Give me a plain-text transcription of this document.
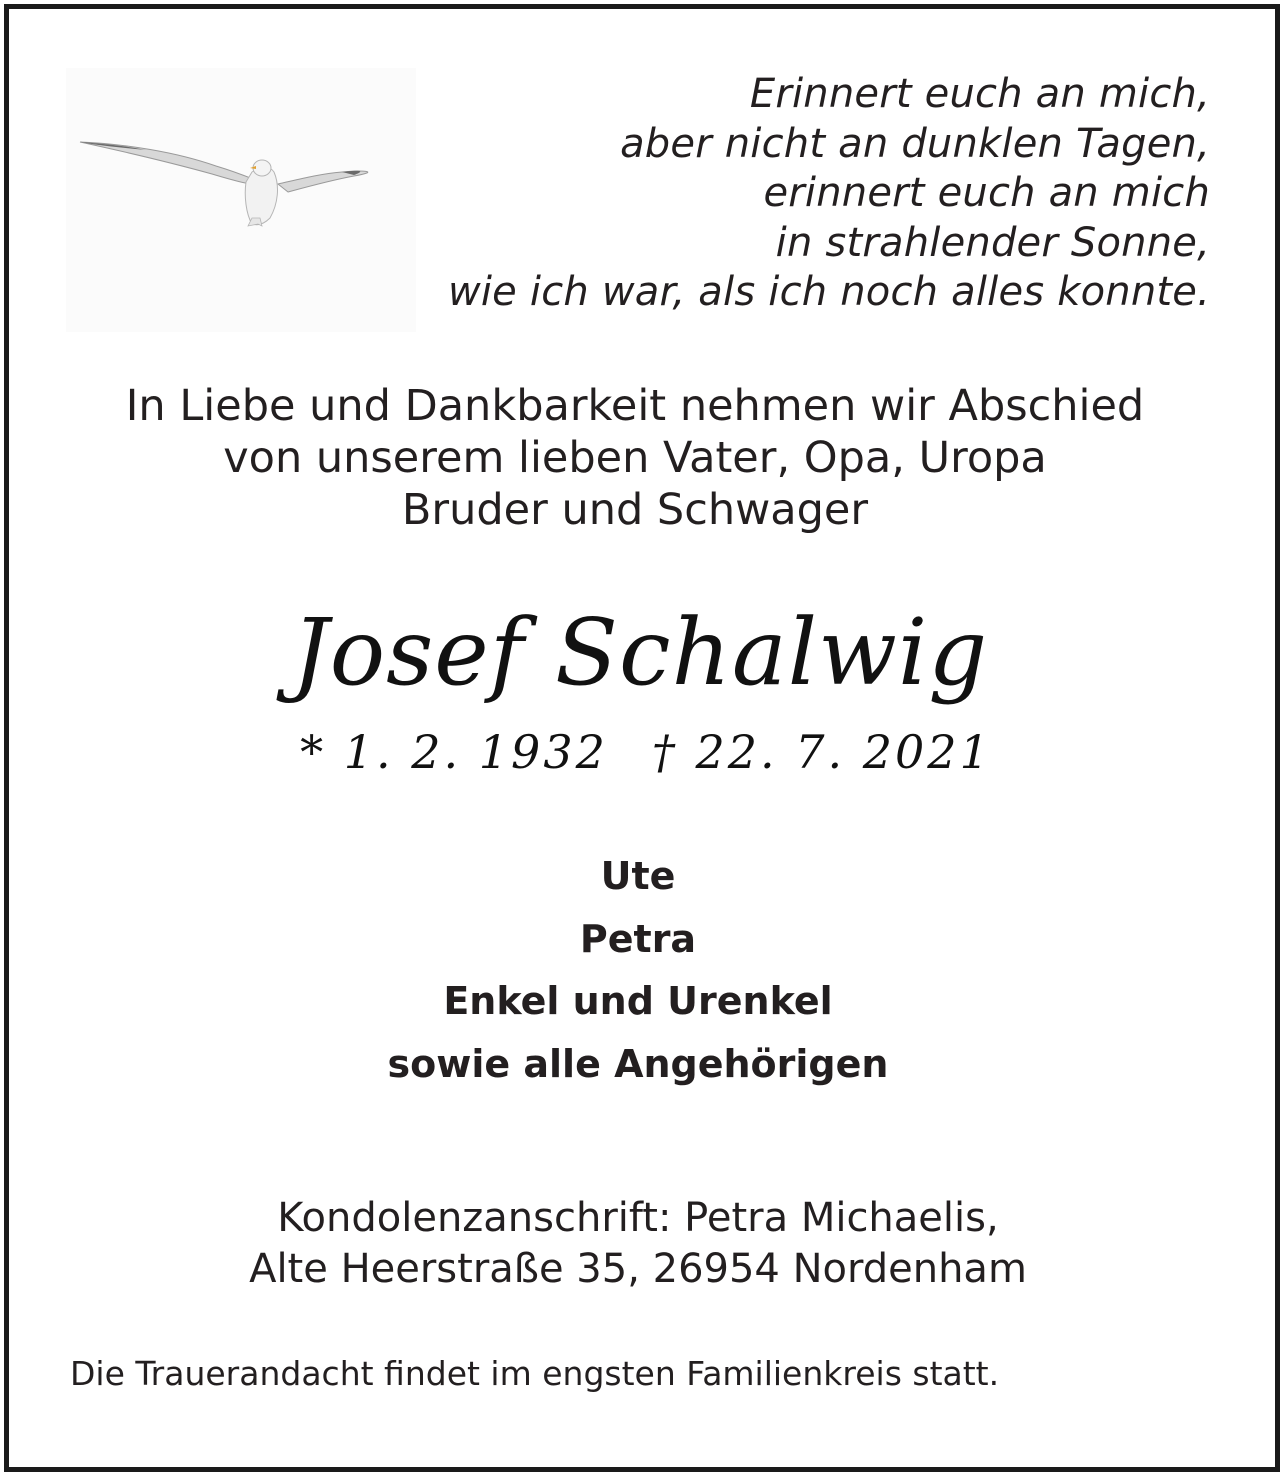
Erinnert euch an mich,
aber nicht an dunklen Tagen,
erinnert euch an mich
in strahlender Sonne,
wie ich war, als ich noch alles konnte.
In Liebe und Dankbarkeit nehmen wir Abschied
von unserem lieben Vater, Opa, Uropa
Bruder und Schwager
Josef Schalwig
* 1. 2. 1932 † 22. 7. 2021
Ute
Petra
Enkel und Urenkel
sowie alle Angehörigen
Kondolenzanschrift: Petra Michaelis,
Alte Heerstraße 35, 26954 Nordenham
Die Trauerandacht findet im engsten Familienkreis statt.
